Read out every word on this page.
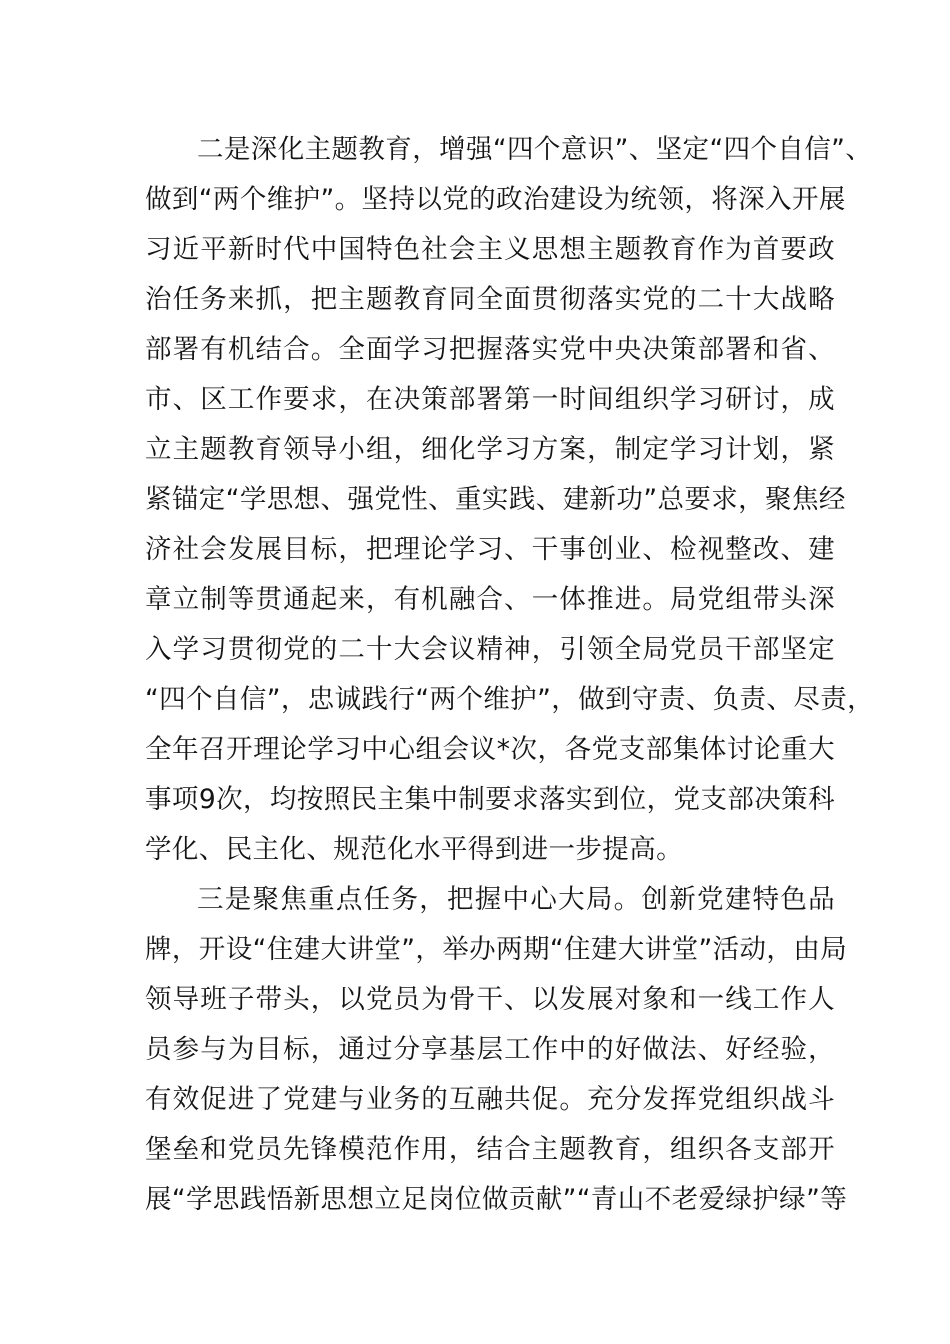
二是深化主题教育，增强“四个意识”、坚定“四个自信”、
做到“两个维护”。坚持以党的政治建设为统领，将深入开展
习近平新时代中国特色社会主义思想主题教育作为首要政
治任务来抓，把主题教育同全面贯彻落实党的二十大战略
部署有机结合。全面学习把握落实党中央决策部署和省、
市、区工作要求，在决策部署第一时间组织学习研讨，成
立主题教育领导小组，细化学习方案，制定学习计划，紧
紧锚定“学思想、强党性、重实践、建新功”总要求，聚焦经
济社会发展目标，把理论学习、干事创业、检视整改、建
章立制等贯通起来，有机融合、一体推进。局党组带头深
入学习贯彻党的二十大会议精神，引领全局党员干部坚定
“四个自信”，忠诚践行“两个维护”，做到守责、负责、尽责，
全年召开理论学习中心组会议*次，各党支部集体讨论重大
事项9次，均按照民主集中制要求落实到位，党支部决策科
学化、民主化、规范化水平得到进一步提高。
三是聚焦重点任务，把握中心大局。创新党建特色品
牌，开设“住建大讲堂”，举办两期“住建大讲堂”活动，由局
领导班子带头，以党员为骨干、以发展对象和一线工作人
员参与为目标，通过分享基层工作中的好做法、好经验，
有效促进了党建与业务的互融共促。充分发挥党组织战斗
堡垒和党员先锋模范作用，结合主题教育，组织各支部开
展“学思践悟新思想立足岗位做贡献”“青山不老爱绿护绿”等
